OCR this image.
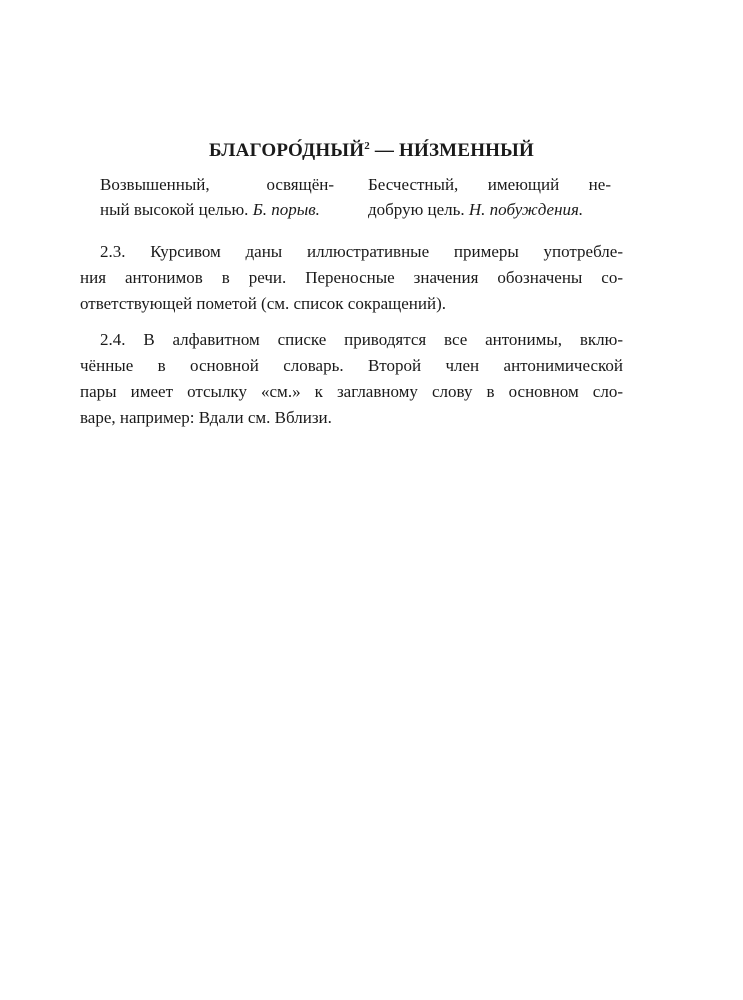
БЛАГОРО́ДНЫЙ$^2$ — НИ́ЗМЕННЫЙ
Возвышенный, освящён-
ный высокой целью. Б. порыв.
Бесчестный, имеющий не-
добрую цель. Н. побуждения.
2.3. Курсивом даны иллюстративные примеры употребле-
ния антонимов в речи. Переносные значения обозначены со-
ответствующей пометой (см. список сокращений).
2.4. В алфавитном списке приводятся все антонимы, вклю-
чённые в основной словарь. Второй член антонимической
пары имеет отсылку «см.» к заглавному слову в основном сло-
варе, например: Вдали см. Вблизи.
